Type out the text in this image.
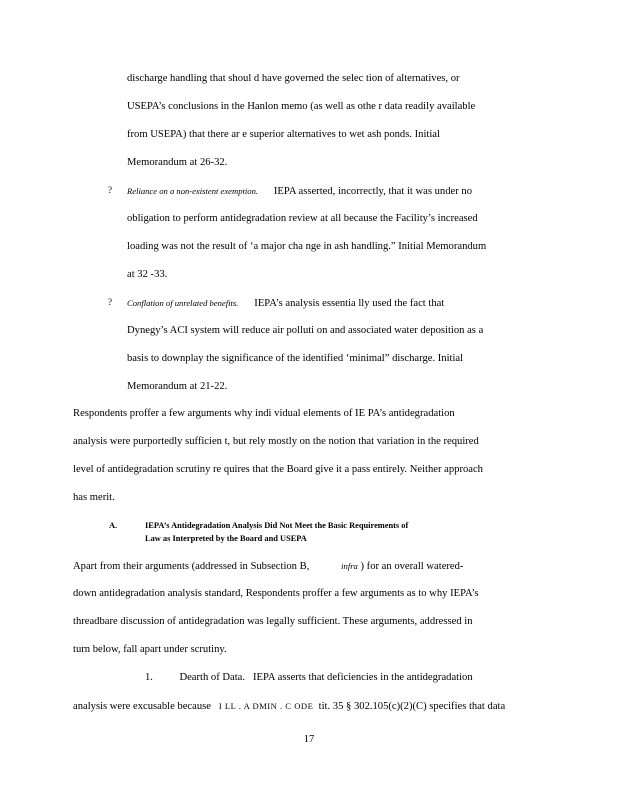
discharge handling that shoul d have governed the selec tion of alternatives, or
USEPA’s conclusions in the Hanlon memo (as well as othe r data readily available
from USEPA) that there ar e superior alternatives to wet ash ponds. Initial
Memorandum at 26-32.
? Reliance on a non-existent exemption. IEPA asserted, incorrectly, that it was under no
obligation to perform antidegradation review at all because the Facility’s increased
loading was not the result of ‘a major cha nge in ash handling.” Initial Memorandum
at 32 -33.
? Conflation of unrelated benefits. IEPA’s analysis essentia lly used the fact that
Dynegy’s ACI system will reduce air polluti on and associated water deposition as a
basis to downplay the significance of the identified ‘minimal” discharge. Initial
Memorandum at 21-22.
Respondents proffer a few arguments why indi vidual elements of IE PA’s antidegradation
analysis were purportedly sufficien t, but rely mostly on the notion that variation in the required
level of antidegradation scrutiny re quires that the Board give it a pass entirely. Neither approach
has merit.
A.	IEPA’s Antidegradation Analysis Did Not Meet the Basic Requirements of
Law as Interpreted by the Board and USEPA
Apart from their arguments (addressed in Subsection B,	infra ) for an overall watered-
down antidegradation analysis standard, Respondents proffer a few arguments as to why IEPA’s
threadbare discussion of antidegradation was legally sufficient. These arguments, addressed in
turn below, fall apart under scrutiny.
1. Dearth of Data. IEPA asserts that deficiencies in the antidegradation
analysis were excusable because I LL . A DMIN . C ODE tit. 35 § 302.105(c)(2)(C) specifies that data
17
